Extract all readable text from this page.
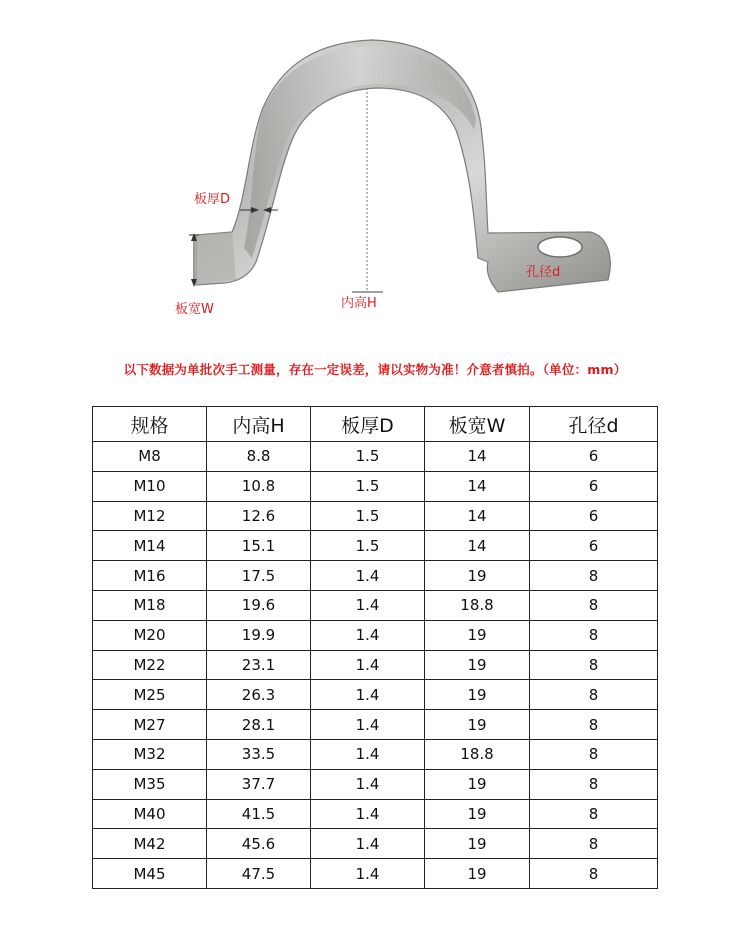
板厚D
板宽W	内高H
孔径d
以下数据为单批次手工测量，存在一定误差，请以实物为准！介意者慎拍。（单位：mm）
规格	内高H	板厚D	板宽W	孔径d
M8	8.8	1.5	14	6
M10	10.8	1.5	14	6
M12	12.6	1.5	14	6
M14	15.1	1.5	14	6
M16	17.5	1.4	19	8
M18	19.6	1.4	18.8	8
M20	19.9	1.4	19	8
M22	23.1	1.4	19	8
M25	26.3	1.4	19	8
M27	28.1	1.4	19	8
M32	33.5	1.4	18.8	8
M35	37.7	1.4	19	8
M40	41.5	1.4	19	8
M42	45.6	1.4	19	8
M45	47.5	1.4	19	8
